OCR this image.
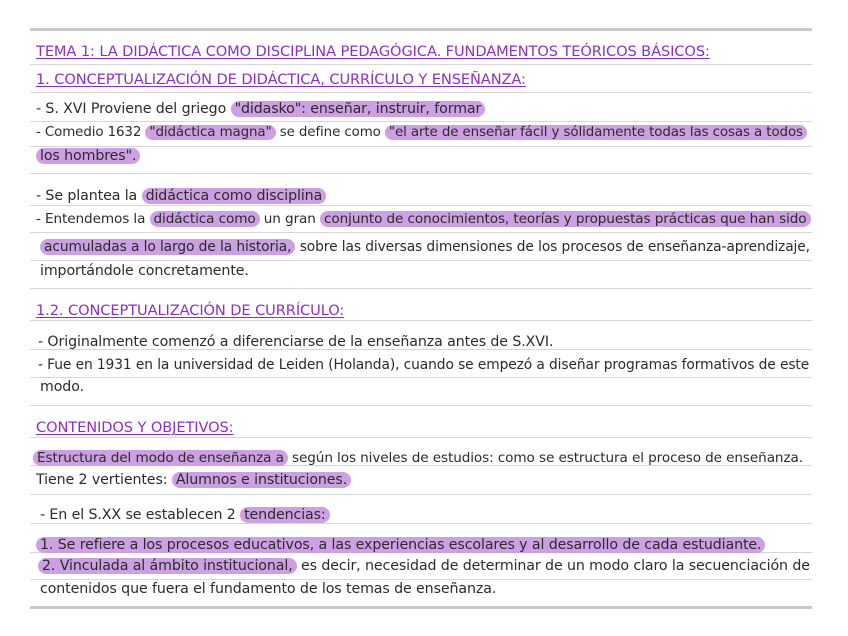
TEMA 1: LA DIDÁCTICA COMO DISCIPLINA PEDAGÓGICA. FUNDAMENTOS TEÓRICOS BÁSICOS:
1. CONCEPTUALIZACIÓN DE DIDÁCTICA, CURRÍCULO Y ENSEÑANZA:
- S. XVI Proviene del griego "didasko": enseñar, instruir, formar
- Comedio 1632 "didáctica magna" se define como "el arte de enseñar fácil y sólidamente todas las cosas a todos
los hombres".
- Se plantea la didáctica como disciplina
- Entendemos la didáctica como un gran conjunto de conocimientos, teorías y propuestas prácticas que han sido
acumuladas a lo largo de la historia, sobre las diversas dimensiones de los procesos de enseñanza-aprendizaje,
importándole concretamente.
1.2. CONCEPTUALIZACIÓN DE CURRÍCULO:
- Originalmente comenzó a diferenciarse de la enseñanza antes de S.XVI.
- Fue en 1931 en la universidad de Leiden (Holanda), cuando se empezó a diseñar programas formativos de este
modo.
CONTENIDOS Y OBJETIVOS:
Estructura del modo de enseñanza a según los niveles de estudios: como se estructura el proceso de enseñanza.
Tiene 2 vertientes: Alumnos e instituciones.
- En el S.XX se establecen 2 tendencias:
1. Se refiere a los procesos educativos, a las experiencias escolares y al desarrollo de cada estudiante.
2. Vinculada al ámbito institucional, es decir, necesidad de determinar de un modo claro la secuenciación de
contenidos que fuera el fundamento de los temas de enseñanza.
